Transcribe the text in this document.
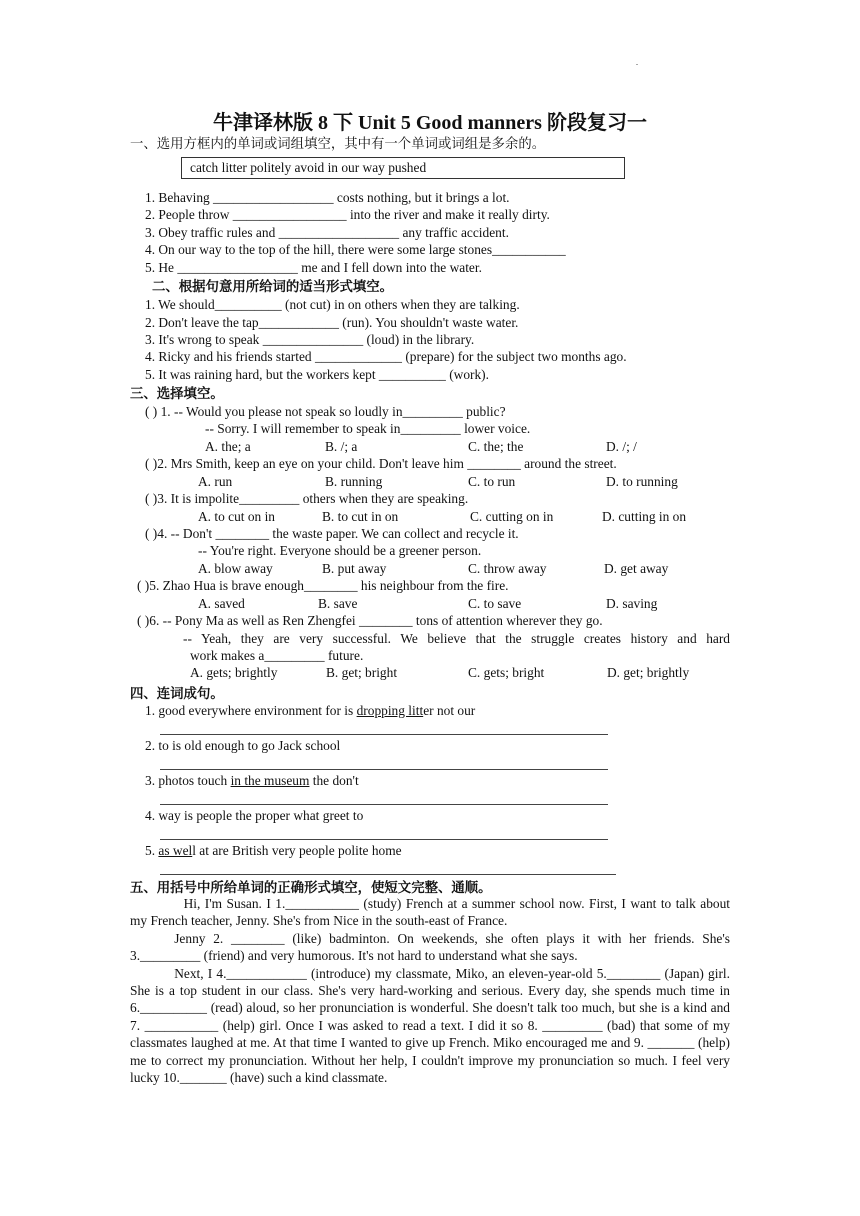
.
牛津译林版 8 下 Unit 5 Good manners 阶段复习一
一、选用方框内的单词或词组填空，其中有一个单词或词组是多余的。
catch litter politely avoid in our way pushed
1. Behaving __________________ costs nothing, but it brings a lot.
2. People throw _________________ into the river and make it really dirty.
3. Obey traffic rules and __________________ any traffic accident.
4. On our way to the top of the hill, there were some large stones___________
5. He __________________ me and I fell down into the water.
二、根据句意用所给词的适当形式填空。
1. We should__________ (not cut) in on others when they are talking.
2. Don't leave the tap____________ (run). You shouldn't waste water.
3. It's wrong to speak _______________ (loud) in the library.
4. Ricky and his friends started _____________ (prepare) for the subject two months ago.
5. It was raining hard, but the workers kept __________ (work).
三、选择填空。
( ) 1. -- Would you please not speak so loudly in_________ public?
-- Sorry. I will remember to speak in_________ lower voice.
A. the; a	B. /; a	C. the; the	D. /; /
( )2. Mrs Smith, keep an eye on your child. Don't leave him ________ around the street.
A. run	B. running	C. to run	D. to running
( )3. It is impolite_________ others when they are speaking.
A. to cut on in	B. to cut in on	C. cutting on in	D. cutting in on
( )4. -- Don't ________ the waste paper. We can collect and recycle it.
-- You're right. Everyone should be a greener person.
A. blow away	B. put away	C. throw away	D. get away
( )5. Zhao Hua is brave enough________ his neighbour from the fire.
A. saved	B. save	C. to save	D. saving
( )6. -- Pony Ma as well as Ren Zhengfei ________ tons of attention wherever they go.
-- Yeah, they are very successful. We believe that the struggle creates history and hard
work makes a_________ future.
A. gets; brightly	B. get; bright	C. gets; bright	D. get; brightly
四、连词成句。
1. good everywhere environment for is dropping litter not our
2. to is old enough to go Jack school
3. photos touch in the museum the don't
4. way is people the proper what greet to
5. as well at are British very people polite home
五、用括号中所给单词的正确形式填空，使短文完整、通顺。

Hi, I'm Susan. I 1.___________ (study) French at a summer school now. First, I want to talk about my French teacher, Jenny. She's from Nice in the south-east of France.

Jenny 2. ________ (like) badminton. On weekends, she often plays it with her friends. She's 3._________ (friend) and very humorous. It's not hard to understand what she says.

Next, I 4.____________ (introduce) my classmate, Miko, an eleven-year-old 5.________ (Japan) girl. She is a top student in our class. She's very hard-working and serious. Every day, she spends much time in 6.__________ (read) aloud, so her pronunciation is wonderful. She doesn't talk too much, but she is a kind and 7. ___________ (help) girl. Once I was asked to read a text. I did it so 8. _________ (bad) that some of my classmates laughed at me. At that time I wanted to give up French. Miko encouraged me and 9. _______ (help) me to correct my pronunciation. Without her help, I couldn't improve my pronunciation so much. I feel very lucky 10._______ (have) such a kind classmate.
